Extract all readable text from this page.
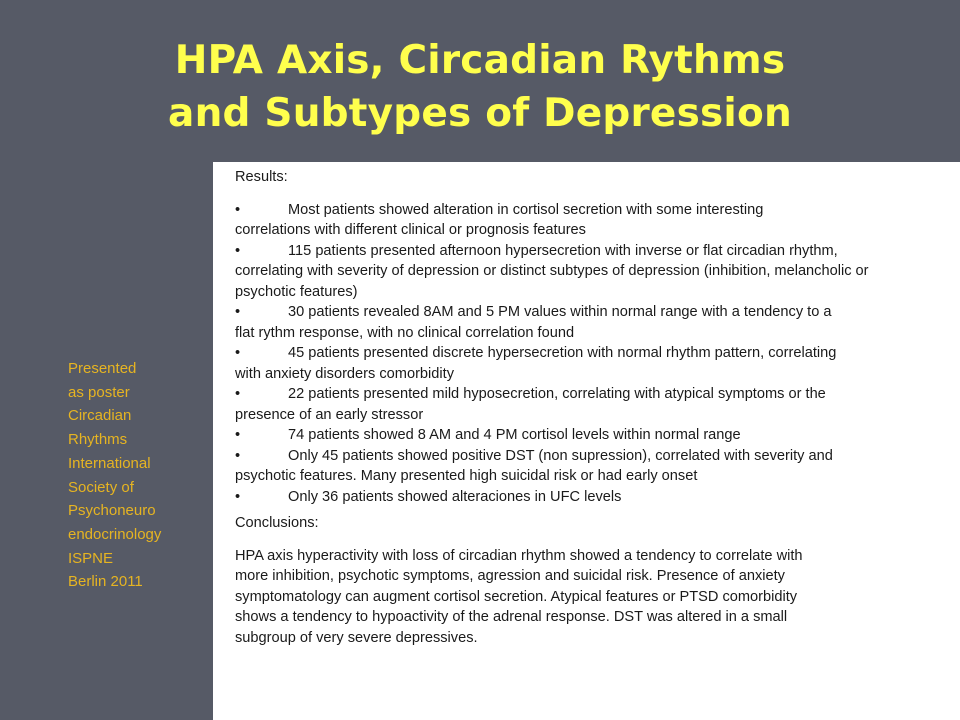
HPA Axis, Circadian Rythms
and Subtypes of Depression
Presented
as poster
Circadian
Rhythms
International
Society of
Psychoneuro
endocrinology
ISPNE
Berlin 2011
Results:
•	Most patients showed alteration in cortisol secretion with some interesting
correlations with different clinical or prognosis features
•	115 patients presented afternoon hypersecretion with inverse or flat circadian rhythm,
correlating with severity of depression or distinct subtypes of depression (inhibition, melancholic or psychotic features)
•	30 patients revealed 8AM and 5 PM values within normal range with a tendency to a
flat rythm response, with no clinical correlation found
•	45 patients presented discrete hypersecretion with normal rhythm pattern, correlating
with anxiety disorders comorbidity
•	22 patients presented mild hyposecretion, correlating with atypical symptoms or the
presence of an early stressor
•	74 patients showed 8 AM and 4 PM cortisol levels within normal range
•	Only 45 patients showed positive DST (non supression), correlated with severity and
psychotic features. Many presented high suicidal risk or had early onset
•	Only 36 patients showed alteraciones in UFC levels
Conclusions:
HPA axis hyperactivity with loss of circadian rhythm showed a tendency to correlate with
more inhibition, psychotic symptoms, agression and suicidal risk. Presence of anxiety
symptomatology can augment cortisol secretion. Atypical features or PTSD comorbidity
shows a tendency to hypoactivity of the adrenal response. DST was altered in a small
subgroup of very severe depressives.
